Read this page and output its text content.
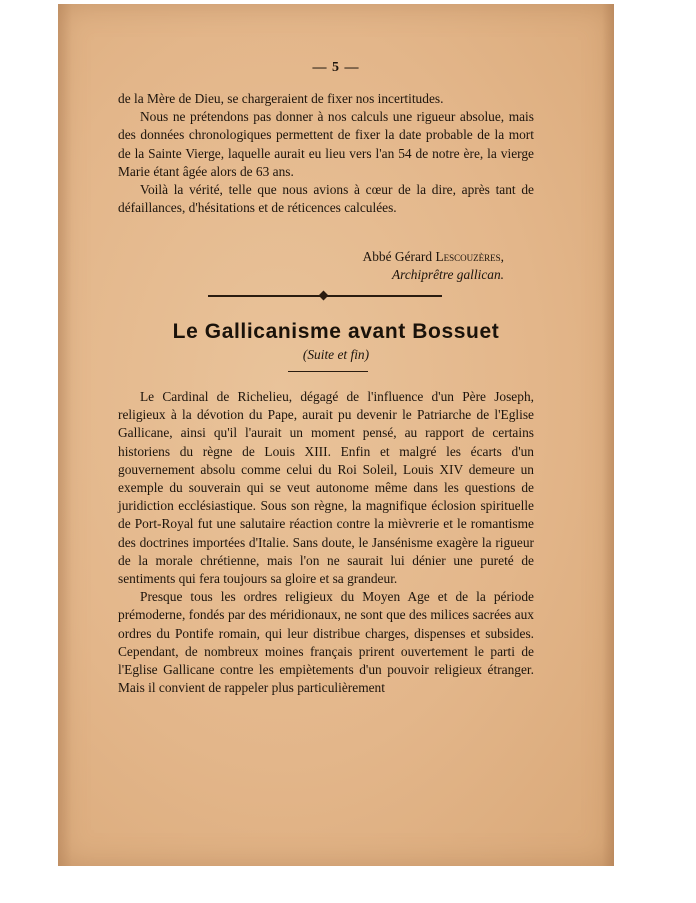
— 5 —

de la Mère de Dieu, se chargeraient de fixer nos incertitudes.

Nous ne prétendons pas donner à nos calculs une rigueur absolue, mais des données chronologiques permettent de fixer la date probable de la mort de la Sainte Vierge, laquelle aurait eu lieu vers l'an 54 de notre ère, la vierge Marie étant âgée alors de 63 ans.

Voilà la vérité, telle que nous avions à cœur de la dire, après tant de défaillances, d'hésitations et de réticences calculées.

Abbé Gérard Lescouzères,
Archiprêtre gallican.
Le Gallicanisme avant Bossuet
(Suite et fin)

Le Cardinal de Richelieu, dégagé de l'influence d'un Père Joseph, religieux à la dévotion du Pape, aurait pu devenir le Patriarche de l'Eglise Gallicane, ainsi qu'il l'aurait un moment pensé, au rapport de certains historiens du règne de Louis XIII. Enfin et malgré les écarts d'un gouvernement absolu comme celui du Roi Soleil, Louis XIV demeure un exemple du souverain qui se veut autonome même dans les questions de juridiction ecclésiastique. Sous son règne, la magnifique éclosion spirituelle de Port-Royal fut une salutaire réaction contre la mièvrerie et le romantisme des doctrines importées d'Italie. Sans doute, le Jansénisme exagère la rigueur de la morale chrétienne, mais l'on ne saurait lui dénier une pureté de sentiments qui fera toujours sa gloire et sa grandeur.

Presque tous les ordres religieux du Moyen Age et de la période prémoderne, fondés par des méridionaux, ne sont que des milices sacrées aux ordres du Pontife romain, qui leur distribue charges, dispenses et subsides. Cependant, de nombreux moines français prirent ouvertement le parti de l'Eglise Gallicane contre les empiètements d'un pouvoir religieux étranger. Mais il convient de rappeler plus particulièrement
